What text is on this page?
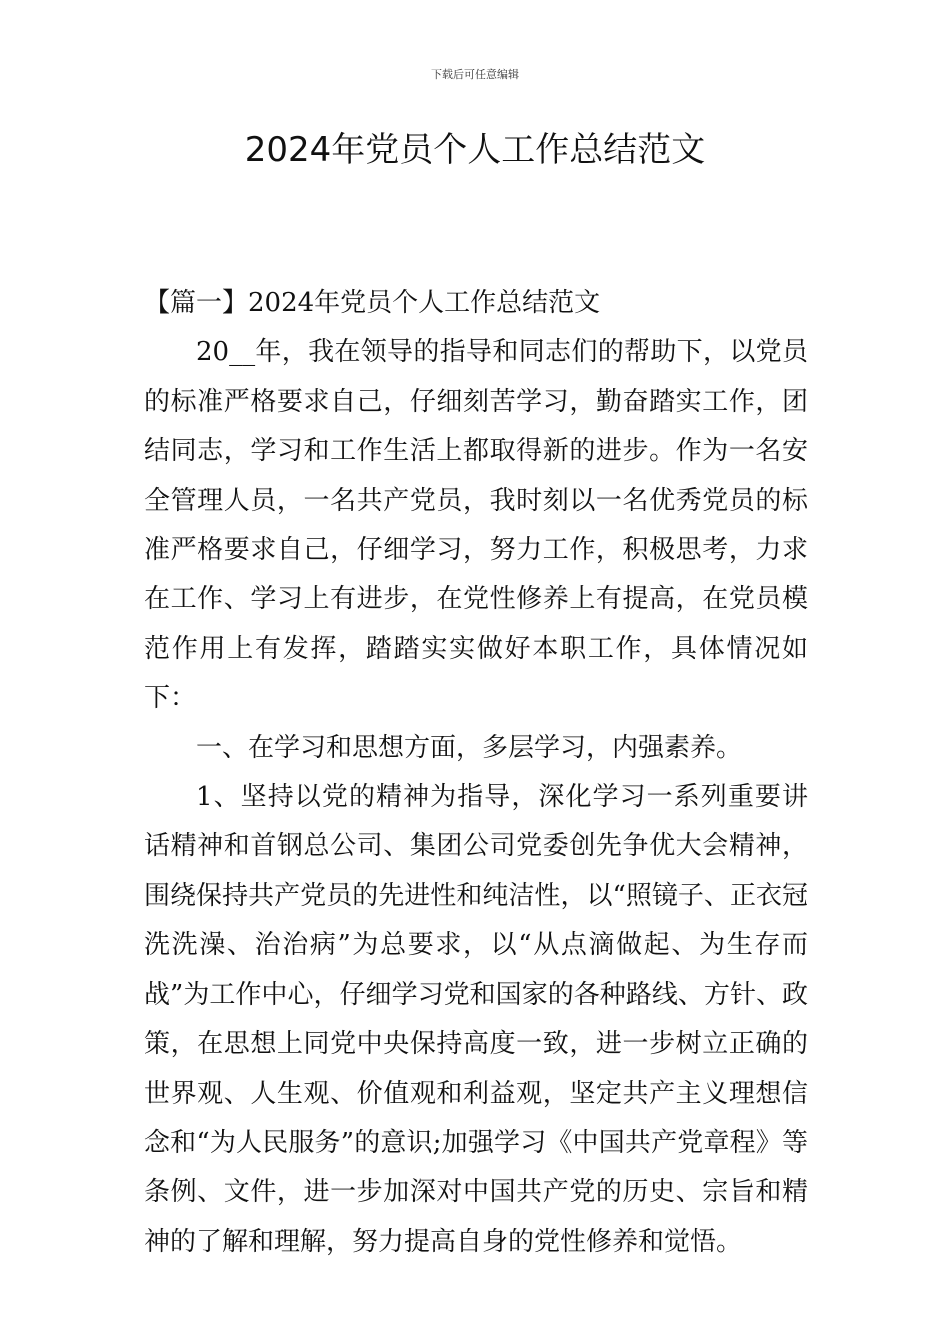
下载后可任意编辑
2024年党员个人工作总结范文

【篇一】2024年党员个人工作总结范文

20__年，我在领导的指导和同志们的帮助下，以党员的标准严格要求自己，仔细刻苦学习，勤奋踏实工作，团结同志，学习和工作生活上都取得新的进步。作为一名安全管理人员，一名共产党员，我时刻以一名优秀党员的标准严格要求自己，仔细学习，努力工作，积极思考，力求在工作、学习上有进步，在党性修养上有提高，在党员模范作用上有发挥，踏踏实实做好本职工作，具体情况如下：

一、在学习和思想方面，多层学习，内强素养。

1、坚持以党的精神为指导，深化学习一系列重要讲话精神和首钢总公司、集团公司党委创先争优大会精神，围绕保持共产党员的先进性和纯洁性，以“照镜子、正衣冠洗洗澡、治治病”为总要求，以“从点滴做起、为生存而战”为工作中心，仔细学习党和国家的各种路线、方针、政策，在思想上同党中央保持高度一致，进一步树立正确的世界观、人生观、价值观和利益观，坚定共产主义理想信念和“为人民服务”的意识;加强学习《中国共产党章程》等条例、文件，进一步加深对中国共产党的历史、宗旨和精神的了解和理解，努力提高自身的党性修养和觉悟。
